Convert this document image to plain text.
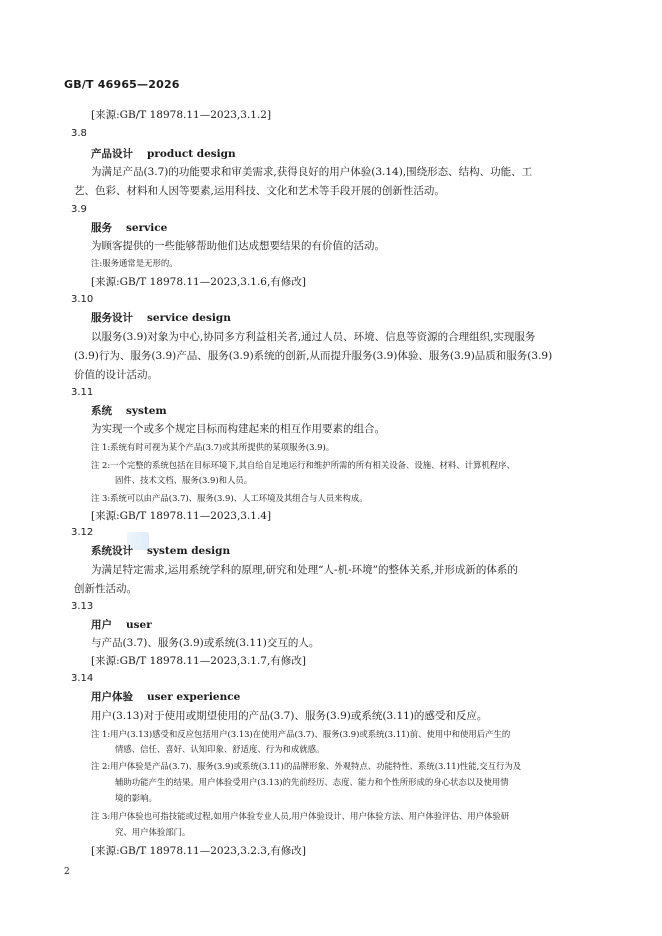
GB/T 46965—2026
[来源:GB/T 18978.11—2023,3.1.2]
3.8
产品设计 product design
为满足产品(3.7)的功能要求和审美需求,获得良好的用户体验(3.14),围绕形态、结构、功能、工
艺、色彩、材料和人因等要素,运用科技、文化和艺术等手段开展的创新性活动。
3.9
服务 service
为顾客提供的一些能够帮助他们达成想要结果的有价值的活动。
注:服务通常是无形的。
[来源:GB/T 18978.11—2023,3.1.6,有修改]
3.10
服务设计 service design
以服务(3.9)对象为中心,协同多方利益相关者,通过人员、环境、信息等资源的合理组织,实现服务
(3.9)行为、服务(3.9)产品、服务(3.9)系统的创新,从而提升服务(3.9)体验、服务(3.9)品质和服务(3.9)
价值的设计活动。
3.11
系统 system
为实现一个或多个规定目标而构建起来的相互作用要素的组合。
注 1:系统有时可视为某个产品(3.7)或其所提供的某项服务(3.9)。
注 2:一个完整的系统包括在目标环境下,其自给自足地运行和维护所需的所有相关设备、设施、材料、计算机程序、
固件、技术文档、服务(3.9)和人员。
注 3:系统可以由产品(3.7)、服务(3.9)、人工环境及其组合与人员来构成。
[来源:GB/T 18978.11—2023,3.1.4]
3.12
系统设计 system design
为满足特定需求,运用系统学科的原理,研究和处理“人-机-环境”的整体关系,并形成新的体系的
创新性活动。
3.13
用户 user
与产品(3.7)、服务(3.9)或系统(3.11)交互的人。
[来源:GB/T 18978.11—2023,3.1.7,有修改]
3.14
用户体验 user experience
用户(3.13)对于使用或期望使用的产品(3.7)、服务(3.9)或系统(3.11)的感受和反应。
注 1:用户(3.13)感受和反应包括用户(3.13)在使用产品(3.7)、服务(3.9)或系统(3.11)前、使用中和使用后产生的
情感、信任、喜好、认知印象、舒适度、行为和成就感。
注 2:用户体验是产品(3.7)、服务(3.9)或系统(3.11)的品牌形象、外观特点、功能特性、系统(3.11)性能,交互行为及
辅助功能产生的结果。用户体验受用户(3.13)的先前经历、态度、能力和个性所形成的身心状态以及使用情
境的影响。
注 3:用户体验也可指技能或过程,如用户体验专业人员,用户体验设计、用户体验方法、用户体验评估、用户体验研
究、用户体验部门。
[来源:GB/T 18978.11—2023,3.2.3,有修改]
2
